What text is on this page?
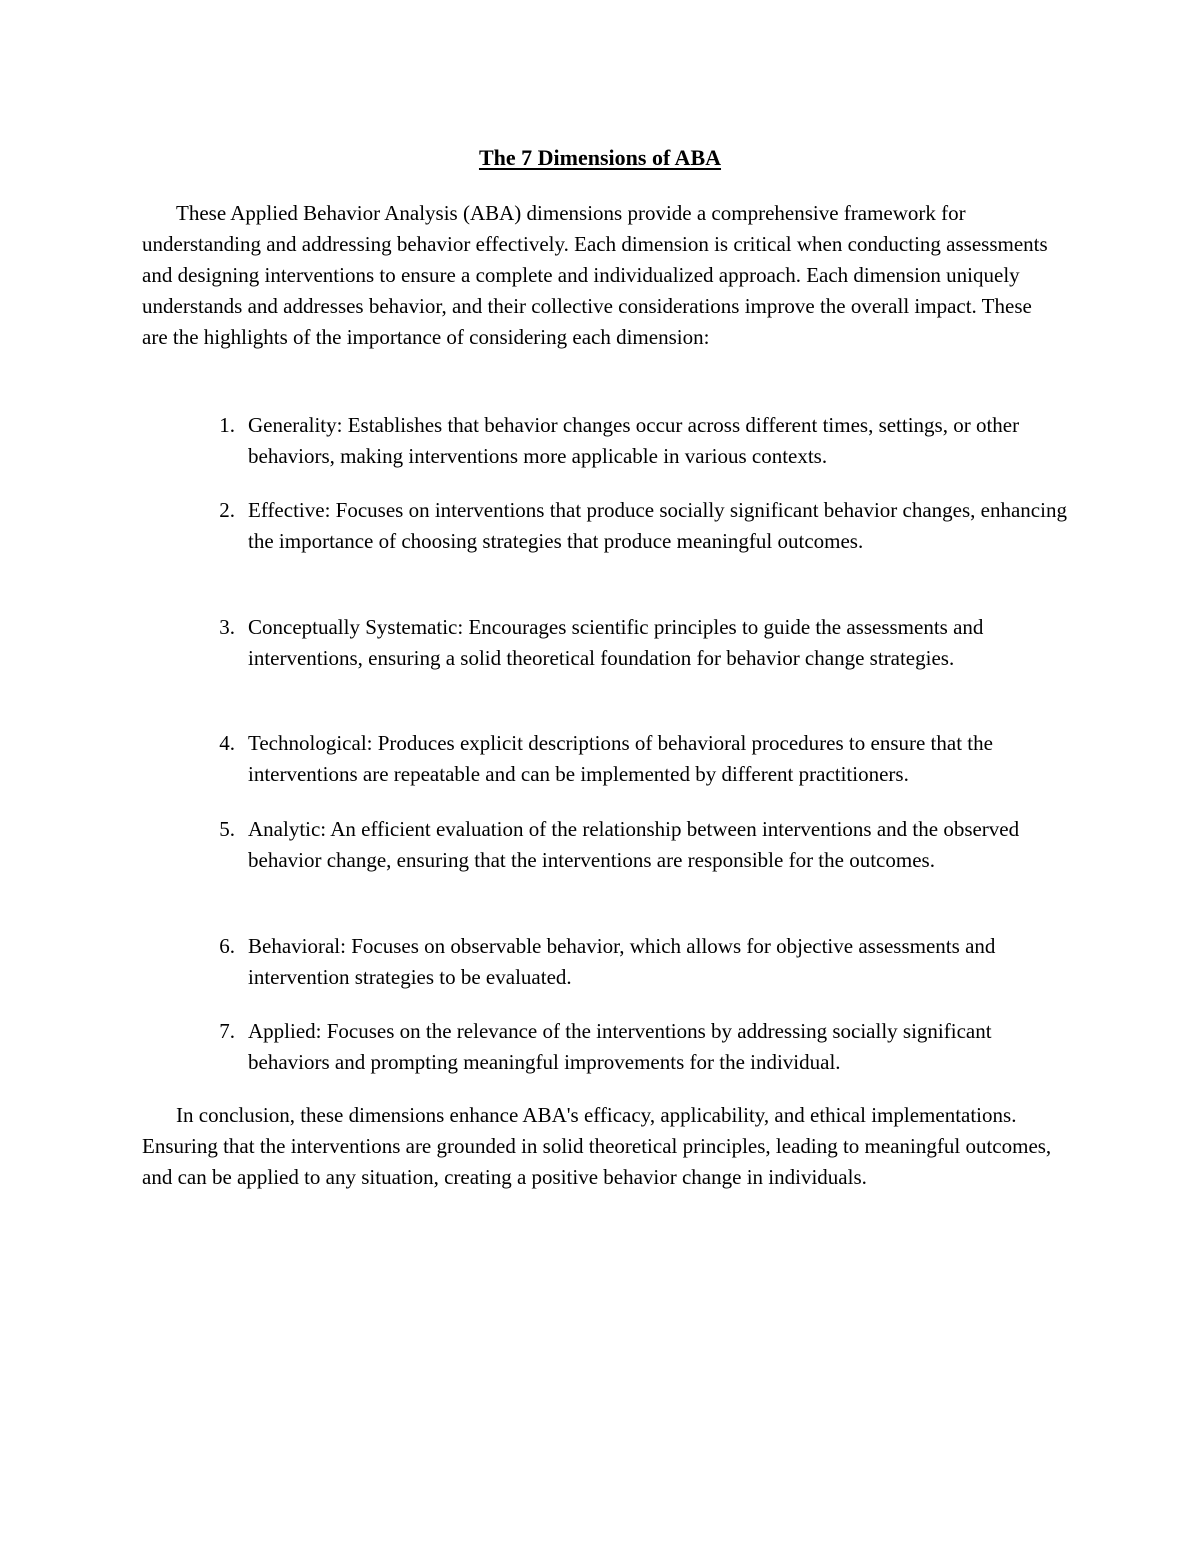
The 7 Dimensions of ABA

These Applied Behavior Analysis (ABA) dimensions provide a comprehensive framework for understanding and addressing behavior effectively. Each dimension is critical when conducting assessments and designing interventions to ensure a complete and individualized approach. Each dimension uniquely understands and addresses behavior, and their collective considerations improve the overall impact. These are the highlights of the importance of considering each dimension:

1. Generality: Establishes that behavior changes occur across different times, settings, or other behaviors, making interventions more applicable in various contexts.
2. Effective: Focuses on interventions that produce socially significant behavior changes, enhancing the importance of choosing strategies that produce meaningful outcomes.
3. Conceptually Systematic: Encourages scientific principles to guide the assessments and interventions, ensuring a solid theoretical foundation for behavior change strategies.
4. Technological: Produces explicit descriptions of behavioral procedures to ensure that the interventions are repeatable and can be implemented by different practitioners.
5. Analytic: An efficient evaluation of the relationship between interventions and the observed behavior change, ensuring that the interventions are responsible for the outcomes.
6. Behavioral: Focuses on observable behavior, which allows for objective assessments and intervention strategies to be evaluated.
7. Applied: Focuses on the relevance of the interventions by addressing socially significant behaviors and prompting meaningful improvements for the individual.

In conclusion, these dimensions enhance ABA's efficacy, applicability, and ethical implementations. Ensuring that the interventions are grounded in solid theoretical principles, leading to meaningful outcomes, and can be applied to any situation, creating a positive behavior change in individuals.
